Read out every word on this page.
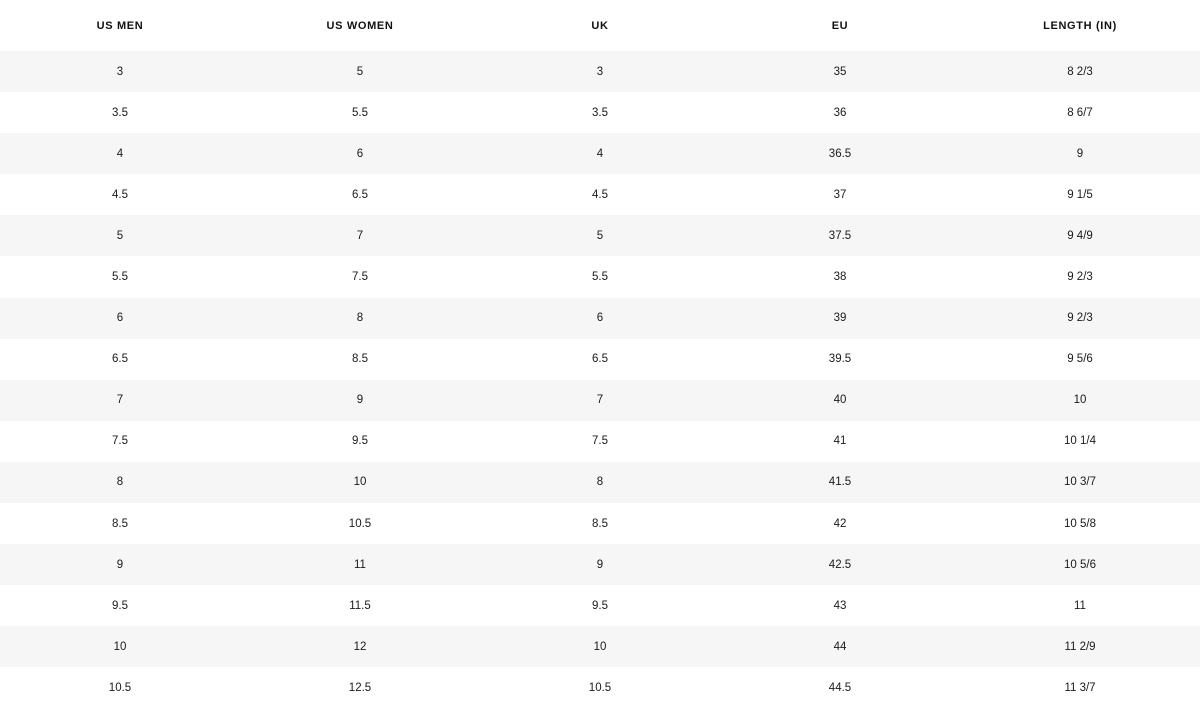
US MEN	US WOMEN	UK	EU	LENGTH (IN)
3	5	3	35	8 2/3
3.5	5.5	3.5	36	8 6/7
4	6	4	36.5	9
4.5	6.5	4.5	37	9 1/5
5	7	5	37.5	9 4/9
5.5	7.5	5.5	38	9 2/3
6	8	6	39	9 2/3
6.5	8.5	6.5	39.5	9 5/6
7	9	7	40	10
7.5	9.5	7.5	41	10 1/4
8	10	8	41.5	10 3/7
8.5	10.5	8.5	42	10 5/8
9	11	9	42.5	10 5/6
9.5	11.5	9.5	43	11
10	12	10	44	11 2/9
10.5	12.5	10.5	44.5	11 3/7
